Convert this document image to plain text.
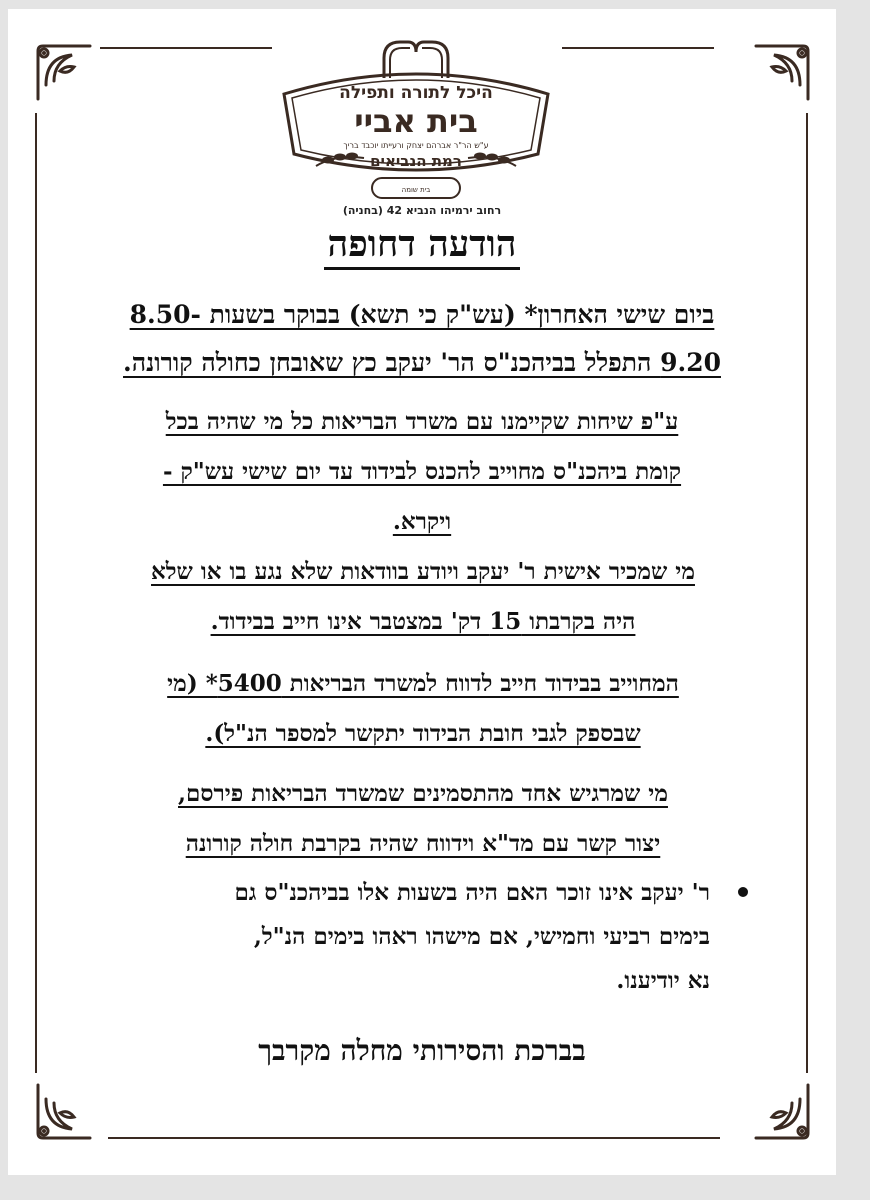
היכל לתורה ותפילה
בית אביי
ע"ש הר"ר אברהם יצחק ורעייתו יוכבד בריך
רמת הנביאים
בית שומה
רחוב ירמיהו הנביא 42 (בחניה)
הודעה דחופה
ביום שישי האחרון* (עש"ק כי תשא) בבוקר בשעות -8.50
9.20 התפלל בביהכנ"ס הר' יעקב כץ שאובחן כחולה קורונה.
ע"פ שיחות שקיימנו עם משרד הבריאות כל מי שהיה בכל
קומת ביהכנ"ס מחוייב להכנס לבידוד עד יום שישי עש"ק -
ויקרא.
מי שמכיר אישית ר' יעקב ויודע בוודאות שלא נגע בו או שלא
היה בקרבתו 15 דק' במצטבר אינו חייב בבידוד.
המחוייב בבידוד חייב לדווח למשרד הבריאות 5400* (מי
שבספק לגבי חובת הבידוד יתקשר למספר הנ"ל).
מי שמרגיש אחד מהתסמינים שמשרד הבריאות פירסם,
יצור קשר עם מד"א וידווח שהיה בקרבת חולה קורונה
ר' יעקב אינו זוכר האם היה בשעות אלו בביהכנ"ס גם
בימים רביעי וחמישי, אם מישהו ראהו בימים הנ"ל,
נא יודיענו.
בברכת והסירותי מחלה מקרבך
